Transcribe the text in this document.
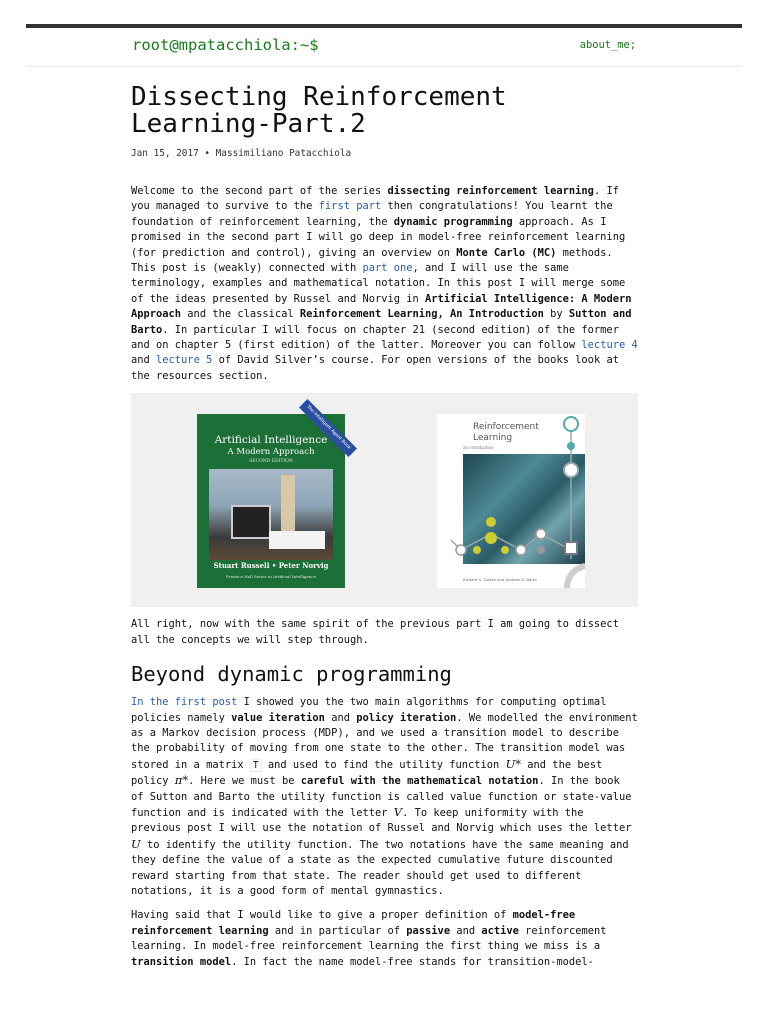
root@mpatacchiola:~$	about_me;
Dissecting Reinforcement Learning-Part.2
Jan 15, 2017 • Massimiliano Patacchiola

Welcome to the second part of the series dissecting reinforcement learning. If you managed to survive to the first part then congratulations! You learnt the foundation of reinforcement learning, the dynamic programming approach. As I promised in the second part I will go deep in model-free reinforcement learning (for prediction and control), giving an overview on Monte Carlo (MC) methods. This post is (weakly) connected with part one, and I will use the same terminology, examples and mathematical notation. In this post I will merge some of the ideas presented by Russel and Norvig in Artificial Intelligence: A Modern Approach and the classical Reinforcement Learning, An Introduction by Sutton and Barto. In particular I will focus on chapter 21 (second edition) of the former and on chapter 5 (first edition) of the latter. Moreover you can follow lecture 4 and lecture 5 of David Silver’s course. For open versions of the books look at the resources section.

The Intelligent Agent Book
Artificial Intelligence
A Modern Approach
SECOND EDITION
Stuart Russell • Peter Norvig
Prentice Hall Series in Artificial Intelligence
Reinforcement
Learning
an introduction
Richard S. Sutton and Andrew G. Barto

All right, now with the same spirit of the previous part I am going to dissect all the concepts we will step through.

Beyond dynamic programming

In the first post I showed you the two main algorithms for computing optimal policies namely value iteration and policy iteration. We modelled the environment as a Markov decision process (MDP), and we used a transition model to describe the probability of moving from one state to the other. The transition model was stored in a matrix T and used to find the utility function U* and the best policy π*. Here we must be careful with the mathematical notation. In the book of Sutton and Barto the utility function is called value function or state-value function and is indicated with the letter V. To keep uniformity with the previous post I will use the notation of Russel and Norvig which uses the letter U to identify the utility function. The two notations have the same meaning and they define the value of a state as the expected cumulative future discounted reward starting from that state. The reader should get used to different notations, it is a good form of mental gymnastics.

Having said that I would like to give a proper definition of model-free reinforcement learning and in particular of passive and active reinforcement learning. In model-free reinforcement learning the first thing we miss is a transition model. In fact the name model-free stands for transition-model-
